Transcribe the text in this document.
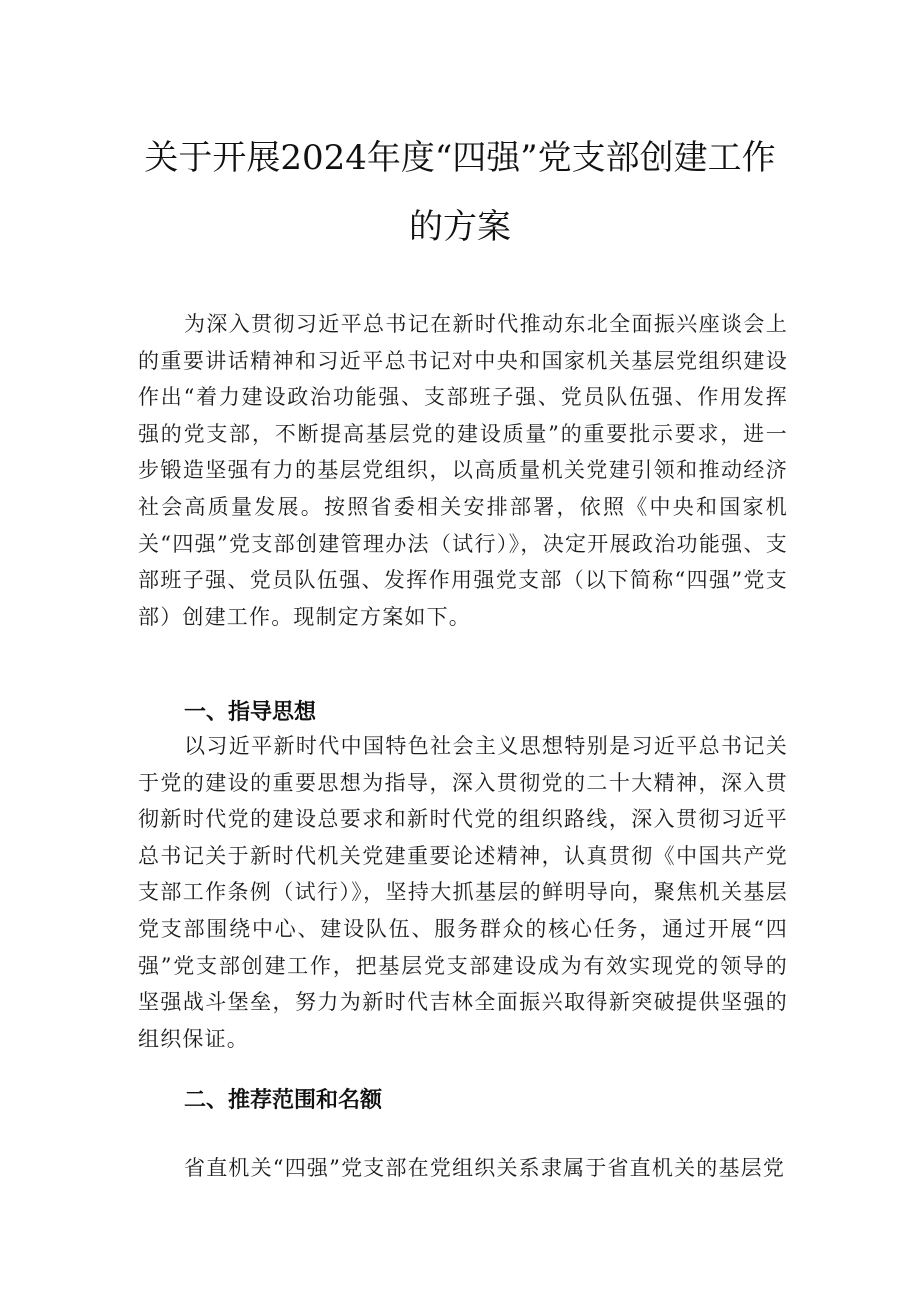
关于开展2024年度“四强”党支部创建工作
的方案

为深入贯彻习近平总书记在新时代推动东北全面振兴座谈会上的重要讲话精神和习近平总书记对中央和国家机关基层党组织建设作出“着力建设政治功能强、支部班子强、党员队伍强、作用发挥强的党支部，不断提高基层党的建设质量”的重要批示要求，进一步锻造坚强有力的基层党组织，以高质量机关党建引领和推动经济社会高质量发展。按照省委相关安排部署，依照《中央和国家机关“四强”党支部创建管理办法（试行）》，决定开展政治功能强、支部班子强、党员队伍强、发挥作用强党支部（以下简称“四强”党支部）创建工作。现制定方案如下。

一、指导思想

以习近平新时代中国特色社会主义思想特别是习近平总书记关于党的建设的重要思想为指导，深入贯彻党的二十大精神，深入贯彻新时代党的建设总要求和新时代党的组织路线，深入贯彻习近平总书记关于新时代机关党建重要论述精神，认真贯彻《中国共产党支部工作条例（试行）》，坚持大抓基层的鲜明导向，聚焦机关基层党支部围绕中心、建设队伍、服务群众的核心任务，通过开展“四强”党支部创建工作，把基层党支部建设成为有效实现党的领导的坚强战斗堡垒，努力为新时代吉林全面振兴取得新突破提供坚强的组织保证。

二、推荐范围和名额

省直机关“四强”党支部在党组织关系隶属于省直机关的基层党
